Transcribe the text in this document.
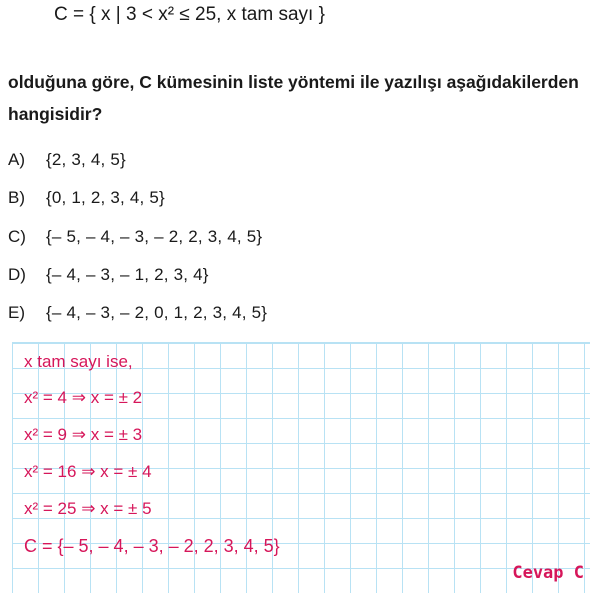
C = { x | 3 < x² ≤ 25, x tam sayı }
olduğuna göre, C kümesinin liste yöntemi ile yazılışı aşağıdakilerden hangisidir?
A) {2, 3, 4, 5}
B) {0, 1, 2, 3, 4, 5}
C) {– 5, – 4, – 3, – 2, 2, 3, 4, 5}
D) {– 4, – 3, – 1, 2, 3, 4}
E) {– 4, – 3, – 2, 0, 1, 2, 3, 4, 5}
x tam sayı ise,
x² = 4 ⇒ x = ± 2
x² = 9 ⇒ x = ± 3
x² = 16 ⇒ x = ± 4
x² = 25 ⇒ x = ± 5
C = {– 5, – 4, – 3, – 2, 2, 3, 4, 5}
Cevap C
